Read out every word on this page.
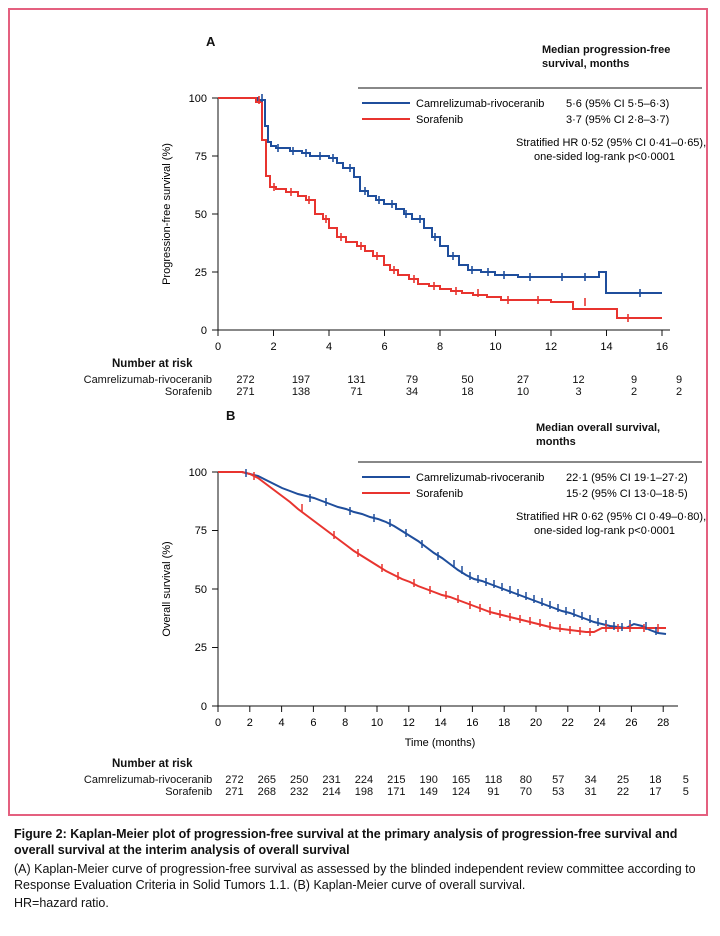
A
Median progression-free
survival, months
Camrelizumab-rivoceranib
Sorafenib
5·6 (95% CI 5·5–6·3)
3·7 (95% CI 2·8–3·7)
Stratified HR 0·52 (95% CI 0·41–0·65),
one-sided log-rank p<0·0001
0
25
50
75
100
0	2	4	6	8	10	12	14	16
Progression-free survival (%)
Number at risk
Camrelizumab-rivoceranib	272	197	131	79	50	27	12	9	9
Sorafenib	271	138	71	34	18	10	3	2	2
B
Median overall survival,
months
Camrelizumab-rivoceranib
Sorafenib
22·1 (95% CI 19·1–27·2)
15·2 (95% CI 13·0–18·5)
Stratified HR 0·62 (95% CI 0·49–0·80),
one-sided log-rank p<0·0001
0
25
50
75
100
0 2 4 6 8 10 12 14 16 18 20 22 24 26 28
Overall survival (%)
Time (months)
Number at risk
Camrelizumab-rivoceranib	272	265	250	231	224	215	190	165	118	80	57	34	25	18	5
Sorafenib	271	268	232	214	198	171	149	124	91	70	53	31	22	17	5

Figure 2: Kaplan-Meier plot of progression-free survival at the primary analysis of progression-free survival and overall survival at the interim analysis of overall survival

(A) Kaplan-Meier curve of progression-free survival as assessed by the blinded independent review committee according to Response Evaluation Criteria in Solid Tumors 1.1. (B) Kaplan-Meier curve of overall survival.

HR=hazard ratio.
